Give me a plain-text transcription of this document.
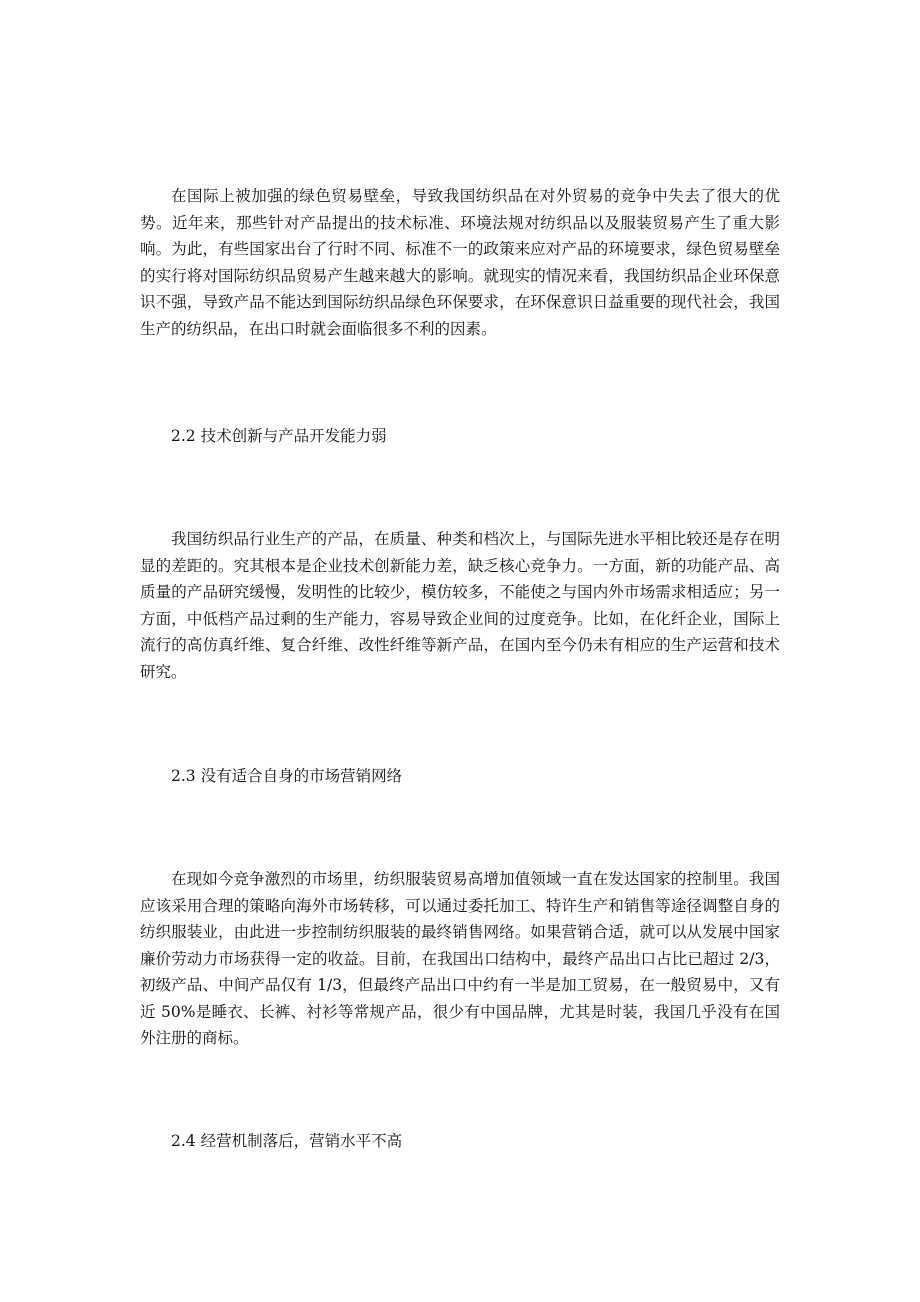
在国际上被加强的绿色贸易壁垒，导致我国纺织品在对外贸易的竞争中失去了很大的优势。近年来，那些针对产品提出的技术标准、环境法规对纺织品以及服装贸易产生了重大影响。为此，有些国家出台了行时不同、标准不一的政策来应对产品的环境要求，绿色贸易壁垒的实行将对国际纺织品贸易产生越来越大的影响。就现实的情况来看，我国纺织品企业环保意识不强，导致产品不能达到国际纺织品绿色环保要求，在环保意识日益重要的现代社会，我国生产的纺织品，在出口时就会面临很多不利的因素。

2.2 技术创新与产品开发能力弱

我国纺织品行业生产的产品，在质量、种类和档次上，与国际先进水平相比较还是存在明显的差距的。究其根本是企业技术创新能力差，缺乏核心竞争力。一方面，新的功能产品、高质量的产品研究缓慢，发明性的比较少，模仿较多，不能使之与国内外市场需求相适应；另一方面，中低档产品过剩的生产能力，容易导致企业间的过度竞争。比如，在化纤企业，国际上流行的高仿真纤维、复合纤维、改性纤维等新产品，在国内至今仍未有相应的生产运营和技术研究。

2.3 没有适合自身的市场营销网络

在现如今竞争激烈的市场里，纺织服装贸易高增加值领域一直在发达国家的控制里。我国应该采用合理的策略向海外市场转移，可以通过委托加工、特许生产和销售等途径调整自身的纺织服装业，由此进一步控制纺织服装的最终销售网络。如果营销合适，就可以从发展中国家廉价劳动力市场获得一定的收益。目前，在我国出口结构中，最终产品出口占比已超过 2/3，初级产品、中间产品仅有 1/3，但最终产品出口中约有一半是加工贸易，在一般贸易中，又有近 50%是睡衣、长裤、衬衫等常规产品，很少有中国品牌，尤其是时装，我国几乎没有在国外注册的商标。

2.4 经营机制落后，营销水平不高
